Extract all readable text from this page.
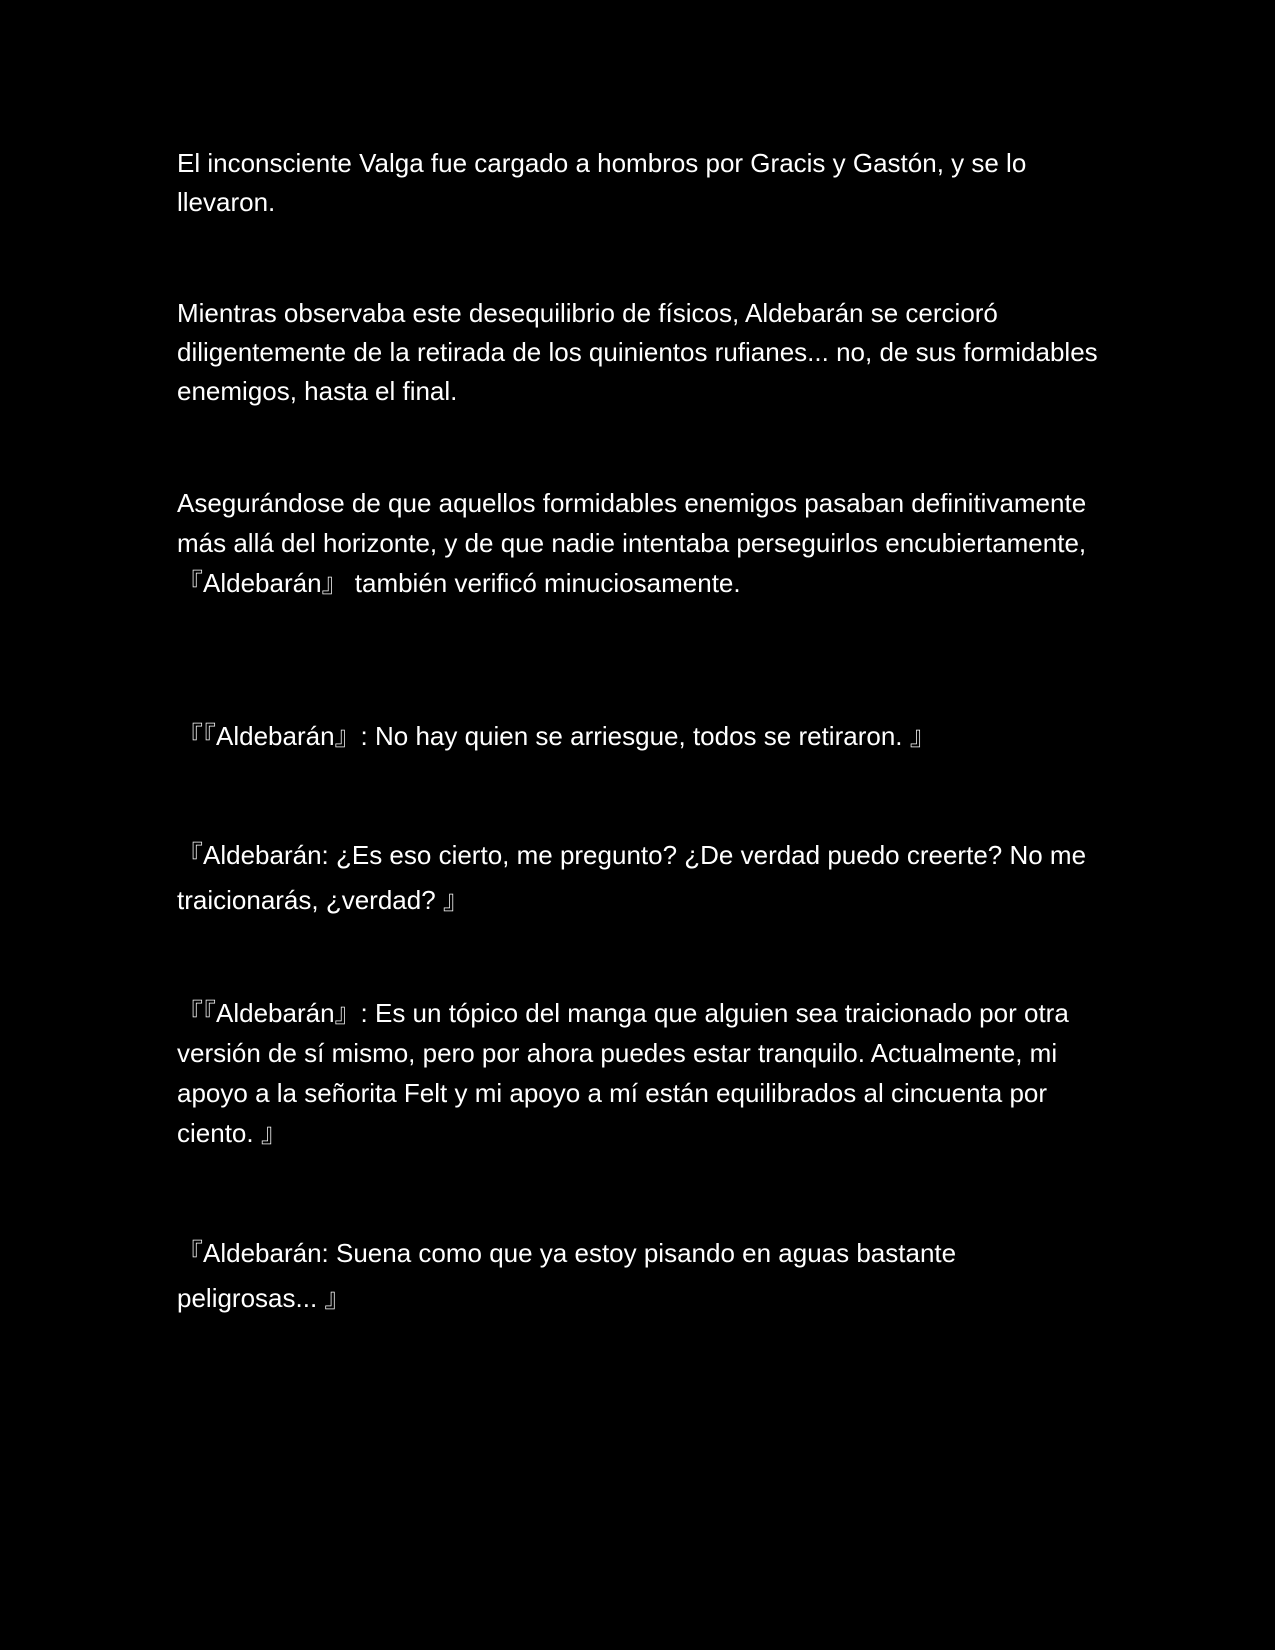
El inconsciente Valga fue cargado a hombros por Gracis y Gastón, y se lo llevaron.

Mientras observaba este desequilibrio de físicos, Aldebarán se cercioró diligentemente de la retirada de los quinientos rufianes... no, de sus formidables enemigos, hasta el final.

Asegurándose de que aquellos formidables enemigos pasaban definitivamente más allá del horizonte, y de que nadie intentaba perseguirlos encubiertamente, 『Aldebarán』 también verificó minuciosamente.

『『Aldebarán』: No hay quien se arriesgue, todos se retiraron. 』

『Aldebarán: ¿Es eso cierto, me pregunto? ¿De verdad puedo creerte? No me traicionarás, ¿verdad? 』

『『Aldebarán』: Es un tópico del manga que alguien sea traicionado por otra versión de sí mismo, pero por ahora puedes estar tranquilo. Actualmente, mi apoyo a la señorita Felt y mi apoyo a mí están equilibrados al cincuenta por ciento. 』

『Aldebarán: Suena como que ya estoy pisando en aguas bastante peligrosas... 』
